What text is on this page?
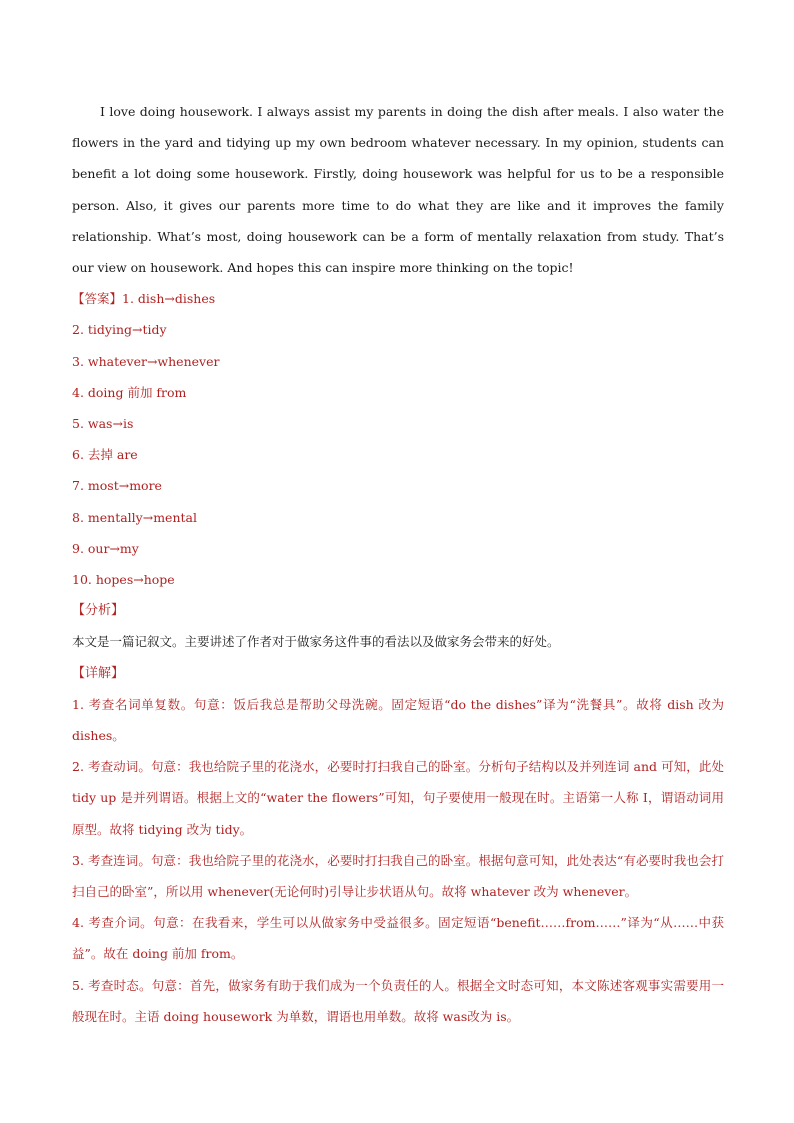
I love doing housework. I always assist my parents in doing the dish after meals. I also water the flowers in the yard and tidying up my own bedroom whatever necessary. In my opinion, students can benefit a lot doing some housework. Firstly, doing housework was helpful for us to be a responsible person. Also, it gives our parents more time to do what they are like and it improves the family relationship. What’s most, doing housework can be a form of mentally relaxation from study. That’s our view on housework. And hopes this can inspire more thinking on the topic!
【答案】1. dish→dishes
2. tidying→tidy
3. whatever→whenever
4. doing 前加 from
5. was→is
6. 去掉 are
7. most→more
8. mentally→mental
9. our→my
10. hopes→hope
【分析】
本文是一篇记叙文。主要讲述了作者对于做家务这件事的看法以及做家务会带来的好处。
【详解】
1. 考查名词单复数。句意：饭后我总是帮助父母洗碗。固定短语“do the dishes”译为“洗餐具”。故将 dish 改为 dishes。
2. 考查动词。句意：我也给院子里的花浇水，必要时打扫我自己的卧室。分析句子结构以及并列连词 and 可知，此处 tidy up 是并列谓语。根据上文的“water the flowers”可知，句子要使用一般现在时。主语第一人称 I，谓语动词用原型。故将 tidying 改为 tidy。
3. 考查连词。句意：我也给院子里的花浇水，必要时打扫我自己的卧室。根据句意可知，此处表达“有必要时我也会打扫自己的卧室”，所以用 whenever(无论何时)引导让步状语从句。故将 whatever 改为 whenever。
4. 考查介词。句意：在我看来，学生可以从做家务中受益很多。固定短语“benefit……from……”译为“从……中获益”。故在 doing 前加 from。
5. 考查时态。句意：首先，做家务有助于我们成为一个负责任的人。根据全文时态可知，本文陈述客观事实需要用一般现在时。主语 doing housework 为单数，谓语也用单数。故将 was改为 is。
